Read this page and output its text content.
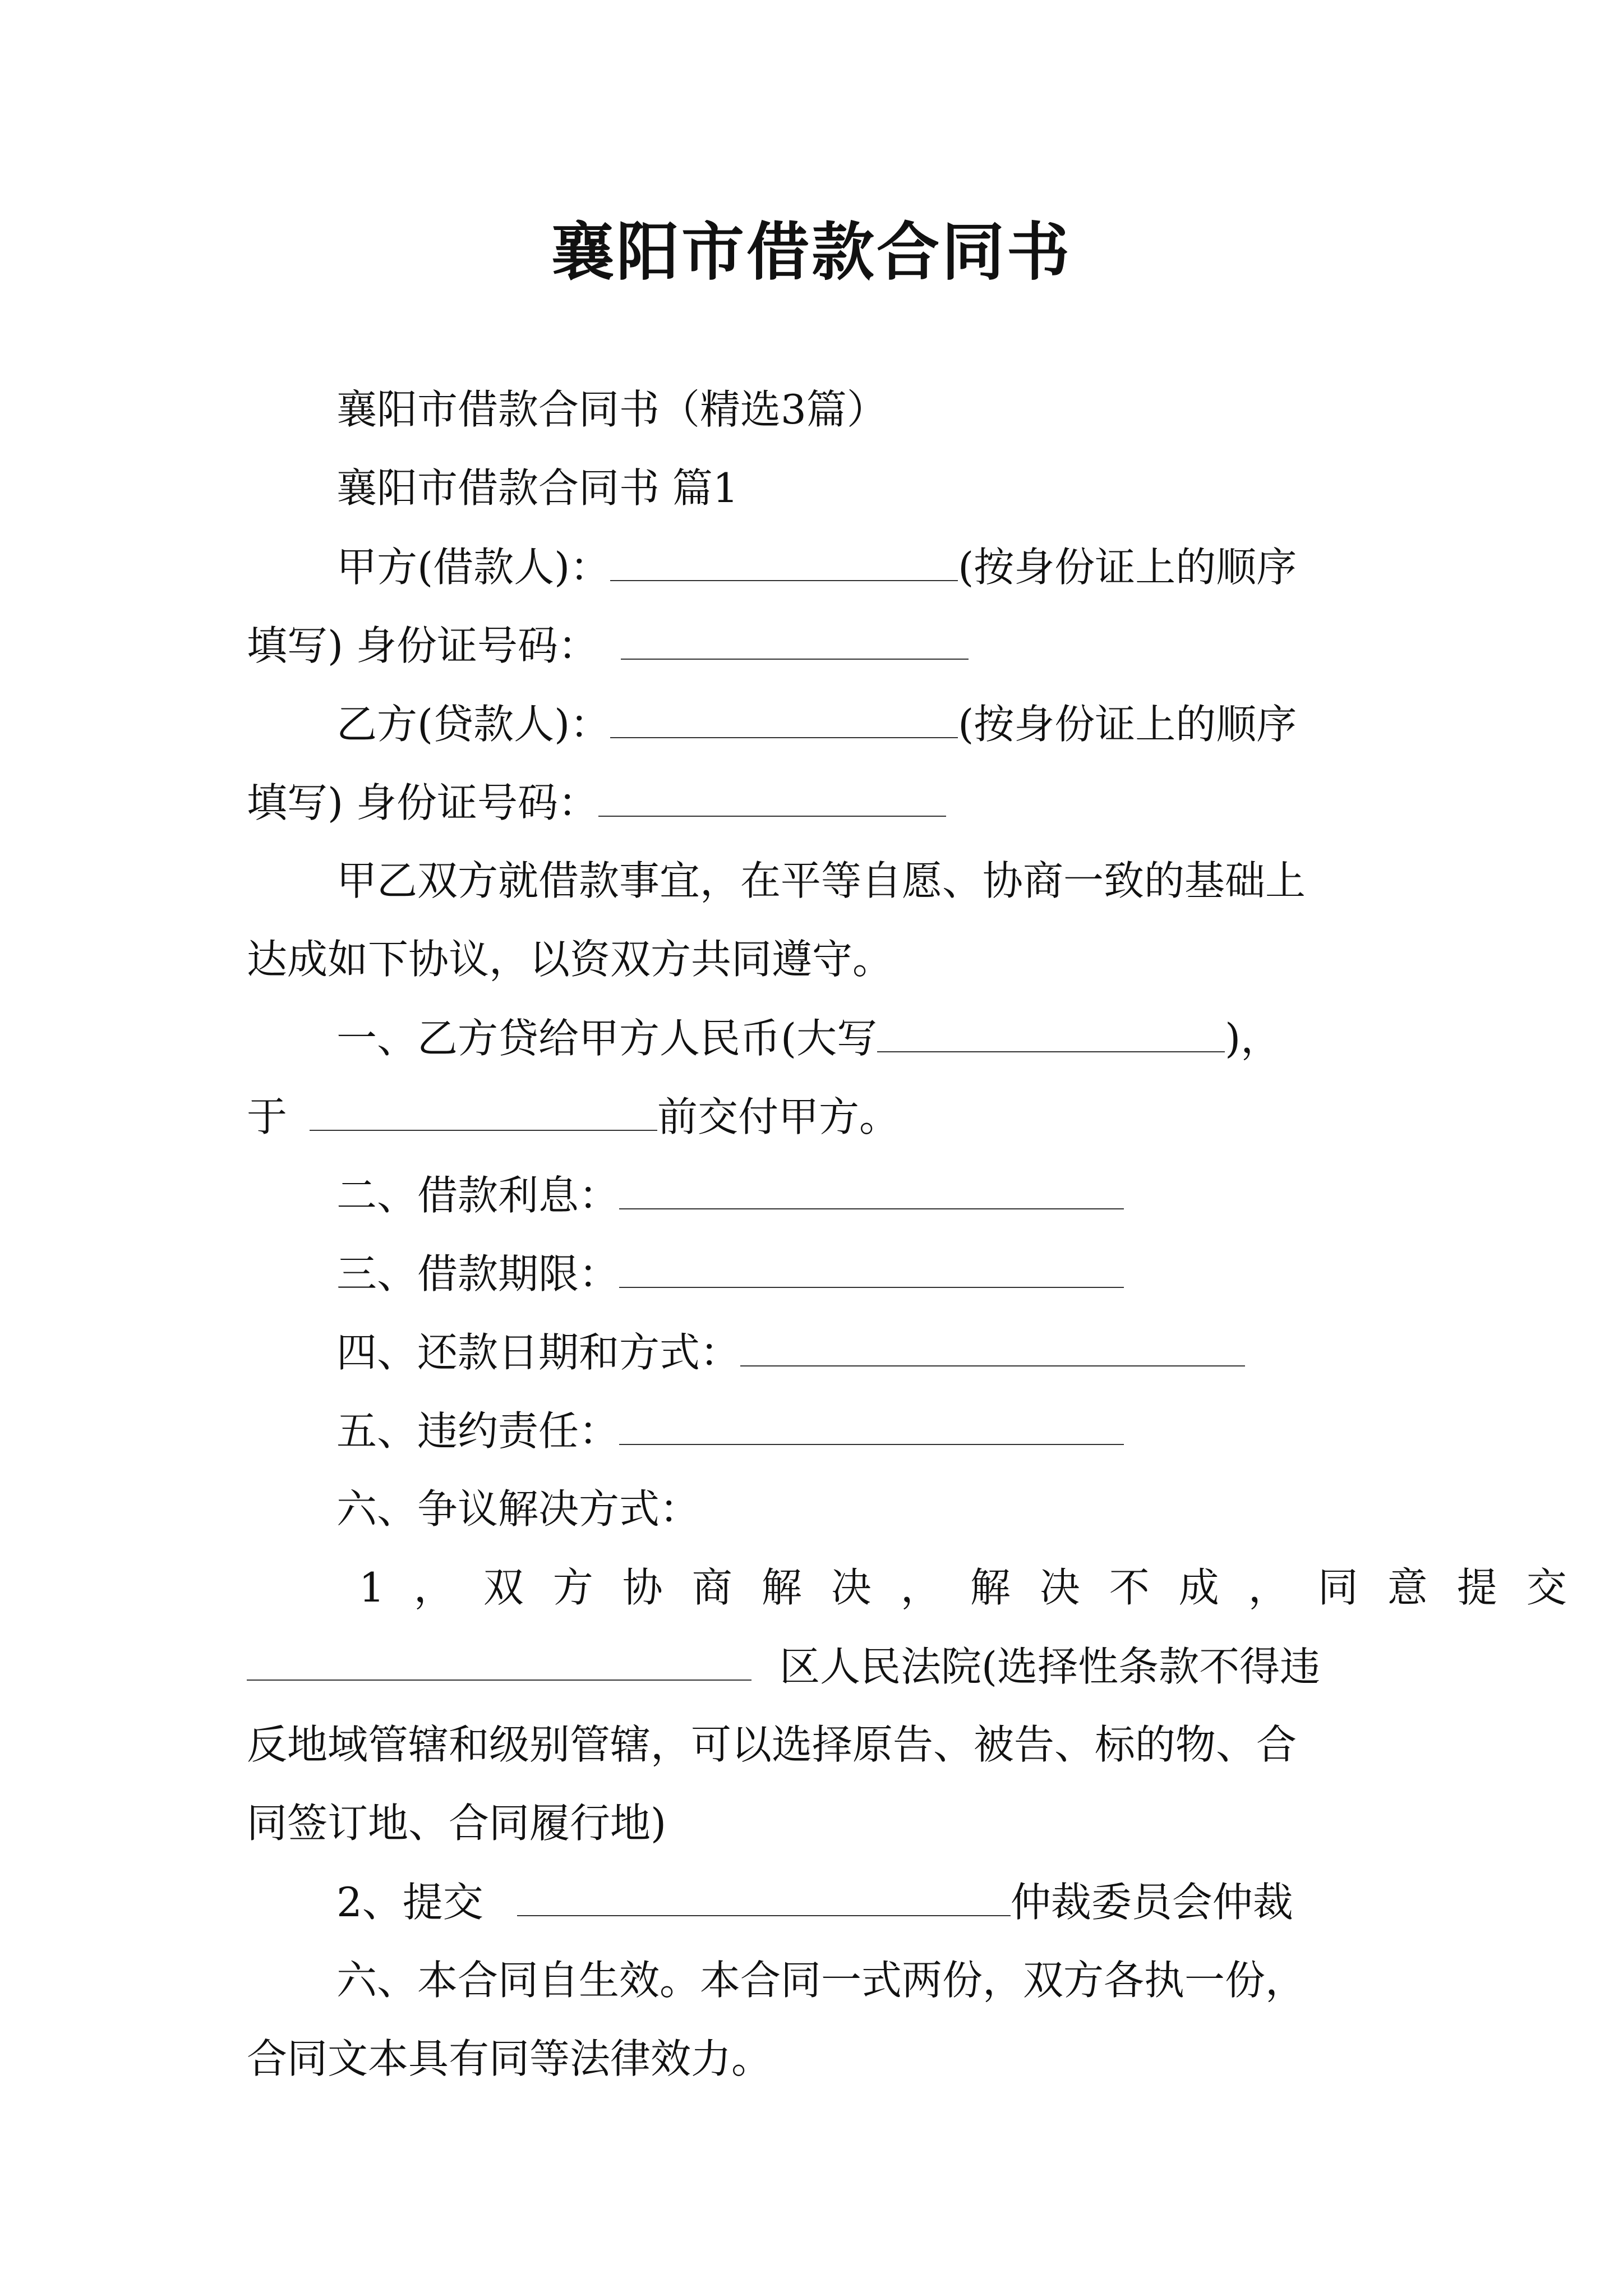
襄阳市借款合同书
襄阳市借款合同书（精选3篇）
襄阳市借款合同书 篇1
甲方(借款人)：	(按身份证上的顺序
填写) 身份证号码：
乙方(贷款人)：	(按身份证上的顺序
填写) 身份证号码：
甲乙双方就借款事宜，在平等自愿、协商一致的基础上
达成如下协议，以资双方共同遵守。
一、乙方贷给甲方人民币(大写	)，
于	前交付甲方。
二、借款利息：
三、借款期限：
四、还款日期和方式：
五、违约责任：
六、争议解决方式：
1，双方协商解决，解决不成，同意提交
区人民法院(选择性条款不得违
反地域管辖和级别管辖，可以选择原告、被告、标的物、合
同签订地、合同履行地)
2、提交	仲裁委员会仲裁
六、本合同自生效。本合同一式两份，双方各执一份，
合同文本具有同等法律效力。
